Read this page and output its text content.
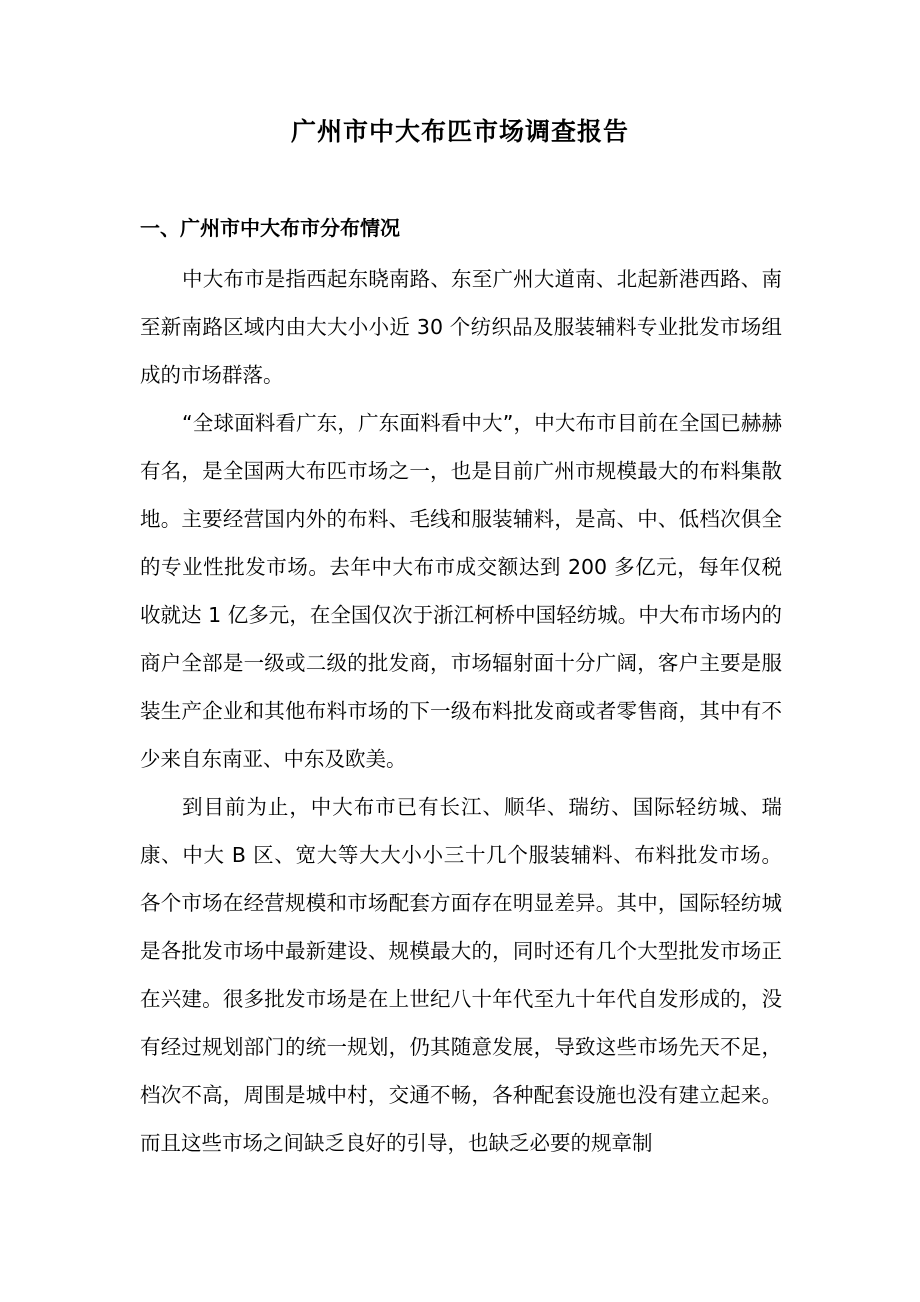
广州市中大布匹市场调查报告
一、广州市中大布市分布情况

中大布市是指西起东晓南路、东至广州大道南、北起新港西路、南至新南路区域内由大大小小近 30 个纺织品及服装辅料专业批发市场组成的市场群落。

“全球面料看广东，广东面料看中大”，中大布市目前在全国已赫赫有名，是全国两大布匹市场之一，也是目前广州市规模最大的布料集散地。主要经营国内外的布料、毛线和服装辅料，是高、中、低档次俱全的专业性批发市场。去年中大布市成交额达到 200 多亿元，每年仅税收就达 1 亿多元，在全国仅次于浙江柯桥中国轻纺城。中大布市场内的商户全部是一级或二级的批发商，市场辐射面十分广阔，客户主要是服装生产企业和其他布料市场的下一级布料批发商或者零售商，其中有不少来自东南亚、中东及欧美。

到目前为止，中大布市已有长江、顺华、瑞纺、国际轻纺城、瑞康、中大 B 区、宽大等大大小小三十几个服装辅料、布料批发市场。各个市场在经营规模和市场配套方面存在明显差异。其中，国际轻纺城是各批发市场中最新建设、规模最大的，同时还有几个大型批发市场正在兴建。很多批发市场是在上世纪八十年代至九十年代自发形成的，没有经过规划部门的统一规划，仍其随意发展，导致这些市场先天不足，档次不高，周围是城中村，交通不畅，各种配套设施也没有建立起来。而且这些市场之间缺乏良好的引导，也缺乏必要的规章制
